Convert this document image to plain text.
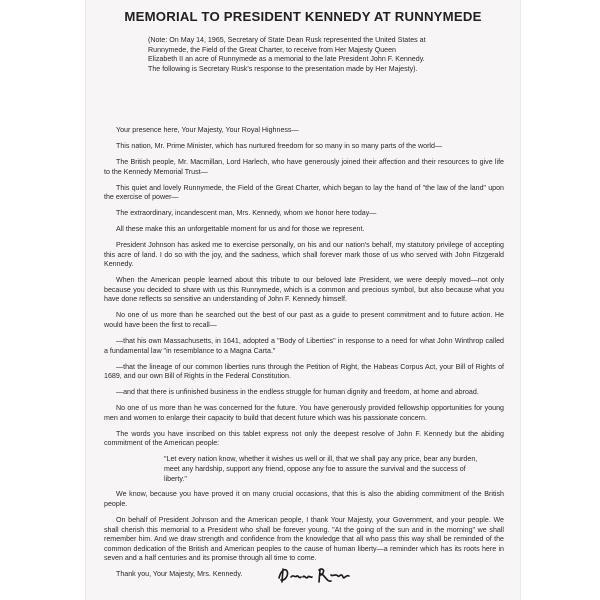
MEMORIAL TO PRESIDENT KENNEDY AT RUNNYMEDE
(Note: On May 14, 1965, Secretary of State Dean Rusk represented the United States at Runnymede, the Field of the Great Charter, to receive from Her Majesty Queen Elizabeth II an acre of Runnymede as a memorial to the late President John F. Kennedy. The following is Secretary Rusk's response to the presentation made by Her Majesty).

Your presence here, Your Majesty, Your Royal Highness—

This nation, Mr. Prime Minister, which has nurtured freedom for so many in so many parts of the world—

The British people, Mr. Macmillan, Lord Harlech, who have generously joined their affection and their resources to give life to the Kennedy Memorial Trust—

This quiet and lovely Runnymede, the Field of the Great Charter, which began to lay the hand of "the law of the land" upon the exercise of power—

The extraordinary, incandescent man, Mrs. Kennedy, whom we honor here today—

All these make this an unforgettable moment for us and for those we represent.

President Johnson has asked me to exercise personally, on his and our nation's behalf, my statutory privilege of accepting this acre of land. I do so with the joy, and the sadness, which shall forever mark those of us who served with John Fitzgerald Kennedy.

When the American people learned about this tribute to our beloved late President, we were deeply moved—not only because you decided to share with us this Runnymede, which is a common and precious symbol, but also because what you have done reflects so sensitive an understanding of John F. Kennedy himself.

No one of us more than he searched out the best of our past as a guide to present commitment and to future action. He would have been the first to recall—

—that his own Massachusetts, in 1641, adopted a "Body of Liberties" in response to a need for what John Winthrop called a fundamental law "in resemblance to a Magna Carta."

—that the lineage of our common liberties runs through the Petition of Right, the Habeas Corpus Act, your Bill of Rights of 1689, and our own Bill of Rights in the Federal Constitution.

—and that there is unfinished business in the endless struggle for human dignity and freedom, at home and abroad.

No one of us more than he was concerned for the future. You have generously provided fellowship opportunities for young men and women to enlarge their capacity to build that decent future which was his passionate concern.

The words you have inscribed on this tablet express not only the deepest resolve of John F. Kennedy but the abiding commitment of the American people:

"Let every nation know, whether it wishes us well or ill, that we shall pay any price, bear any burden, meet any hardship, support any friend, oppose any foe to assure the survival and the success of liberty."

We know, because you have proved it on many crucial occasions, that this is also the abiding commitment of the British people.

On behalf of President Johnson and the American people, I thank Your Majesty, your Government, and your people. We shall cherish this memorial to a President who shall be forever young. "At the going of the sun and in the morning" we shall remember him. And we draw strength and confidence from the knowledge that all who pass this way shall be reminded of the common dedication of the British and American peoples to the cause of human liberty—a reminder which has its roots here in seven and a half centuries and its promise through all time to come.

Thank you, Your Majesty, Mrs. Kennedy.
